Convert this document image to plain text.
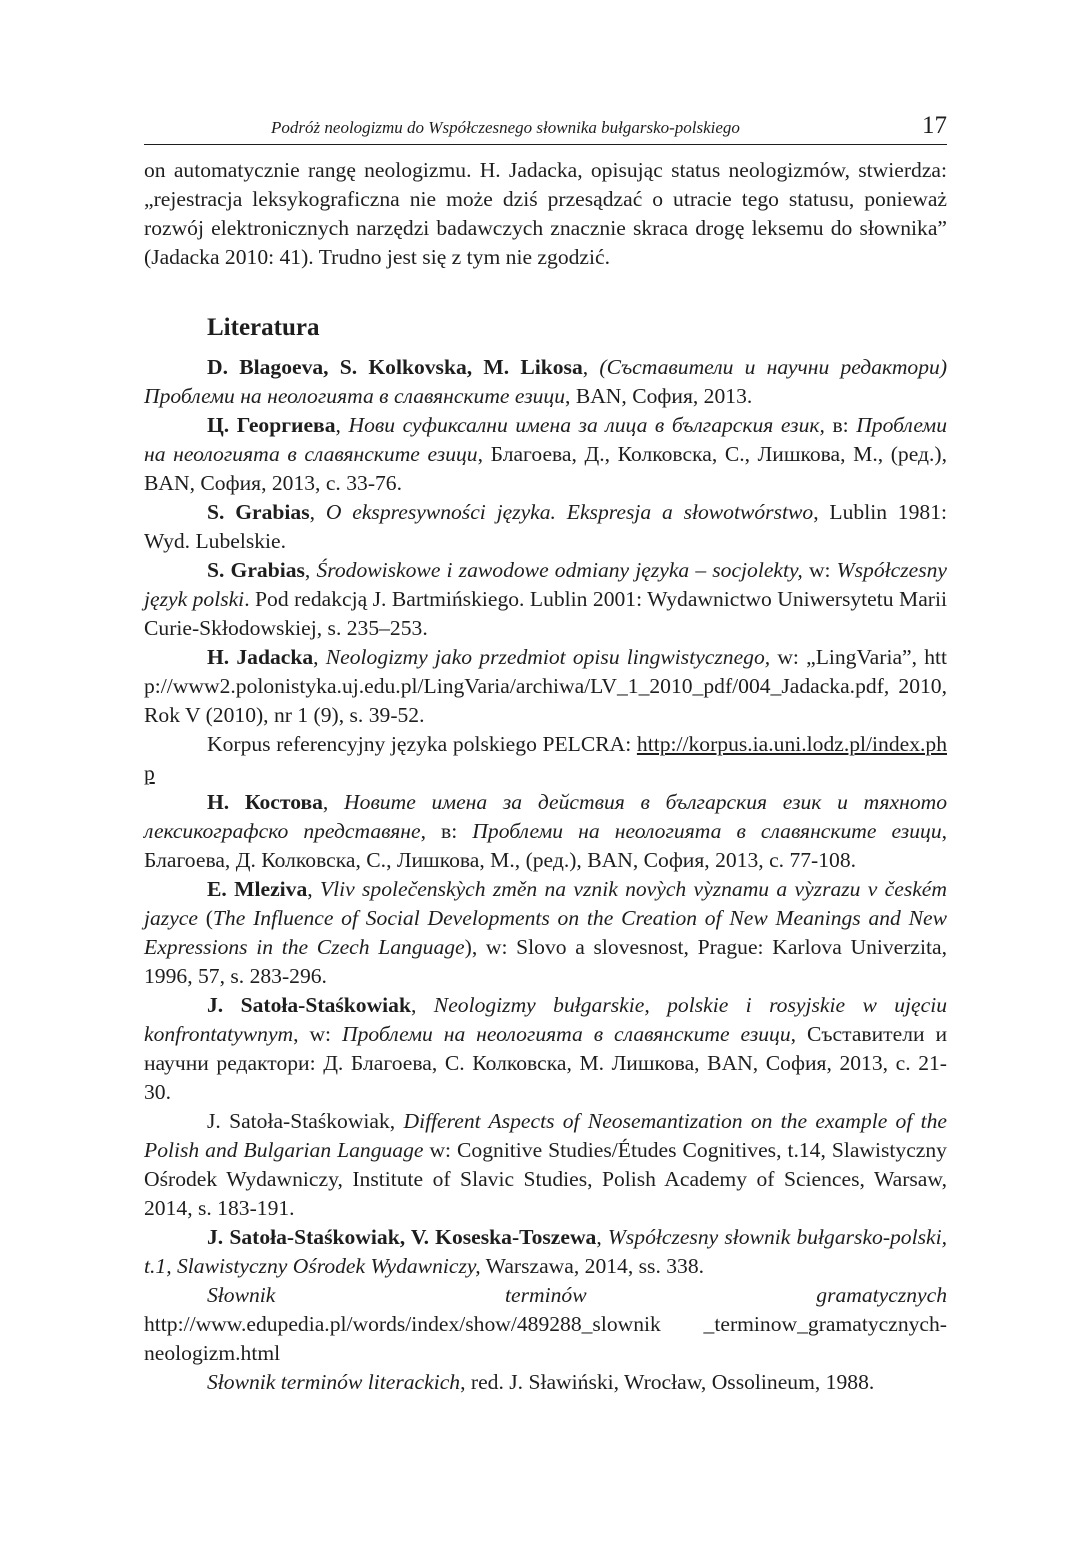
Podróż neologizmu do Współczesnego słownika bułgarsko-polskiego	17

on automatycznie rangę neologizmu. H. Jadacka, opisując status neologizmów, stwierdza: „rejestracja leksykograficzna nie może dziś przesądzać o utracie tego statusu, ponieważ rozwój elektronicznych narzędzi badawczych znacznie skraca drogę leksemu do słownika” (Jadacka 2010: 41). Trudno jest się z tym nie zgodzić.

Literatura

D. Blagoeva, S. Kolkovska, M. Likosa, (Съставители и научни редактори) Проблеми на неологията в славянските езици, BAN, София, 2013.

Ц. Георгиева, Нови суфиксални имена за лица в българския език, в: Проблеми на неологията в славянските езици, Благоева, Д., Колковска, С., Лишкова, М., (ред.), BAN, София, 2013, с. 33-76.

S. Grabias, O ekspresywności języka. Ekspresja a słowotwórstwo, Lublin 1981: Wyd. Lubelskie.

S. Grabias, Środowiskowe i zawodowe odmiany języka – socjolekty, w: Współczesny język polski. Pod redakcją J. Bartmińskiego. Lublin 2001: Wydawnictwo Uniwersytetu Marii Curie-Skłodowskiej, s. 235–253.

H. Jadacka, Neologizmy jako przedmiot opisu lingwistycznego, w: „LingVaria”, http://www2.polonistyka.uj.edu.pl/LingVaria/archiwa/LV_1_2010_pdf/004_Jadacka.pdf, 2010, Rok V (2010), nr 1 (9), s. 39-52.

Korpus referencyjny języka polskiego PELCRA: http://korpus.ia.uni.lodz.pl/index.php

Н. Костова, Новите имена за действия в българския език и тяхното лексикографско представяне, в: Проблеми на неологията в славянските езици, Благоева, Д. Колковска, С., Лишкова, М., (ред.), BAN, София, 2013, с. 77-108.

E. Mleziva, Vliv společenskỳch změn na vznik novỳch vỳznamu a vỳzrazu v českém jazyce (The Influence of Social Developments on the Creation of New Meanings and New Expressions in the Czech Language), w: Slovo a slovesnost, Prague: Karlova Univerzita, 1996, 57, s. 283-296.

J. Satoła-Staśkowiak, Neologizmy bułgarskie, polskie i rosyjskie w ujęciu konfrontatywnym, w: Проблеми на неологията в славянските езици, Съставители и научни редактори: Д. Благоева, С. Колковска, М. Лишкова, BAN, София, 2013, с. 21-30.

J. Satoła-Staśkowiak, Different Aspects of Neosemantization on the example of the Polish and Bulgarian Language w: Cognitive Studies/Études Cognitives, t.14, Slawistyczny Ośrodek Wydawniczy, Institute of Slavic Studies, Polish Academy of Sciences, Warsaw, 2014, s. 183-191.

J. Satoła-Staśkowiak, V. Koseska-Toszewa, Współczesny słownik bułgarsko-polski, t.1, Slawistyczny Ośrodek Wydawniczy, Warszawa, 2014, ss. 338.

Słownik terminów gramatycznych http://www.edupedia.pl/words/index/show/489288_slownik _terminow_gramatycznych-neologizm.html

Słownik terminów literackich, red. J. Sławiński, Wrocław, Ossolineum, 1988.
